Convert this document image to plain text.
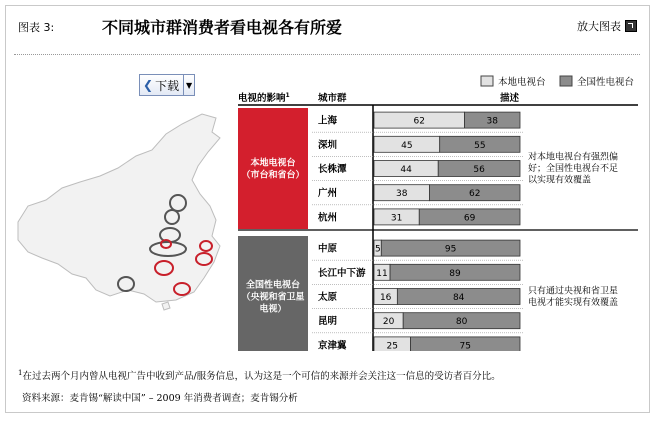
图表 3:	不同城市群消费者看电视各有所爱	放大图表
❮ 下载 ▼	本地电视台	全国性电视台
电视的影响$^1$	城市群	描述
本地电视台
（市台和省台）
对本地电视台有强烈偏
好；全国性电视台不足
以实现有效覆盖
全国性电视台
（央视和省卫星
电视）
只有通过央视和省卫星
电视才能实现有效覆盖
上海	62	38
深圳	45	55
长株潭	44	56
广州	38	62
杭州	31	69
中原	5	95
长江中下游 11	89
太原	16	84
昆明	20	80
京津冀	25	75
$^1$在过去两个月内曾从电视广告中收到产品/服务信息，认为这是一个可信的来源并会关注这一信息的受访者百分比。
资料来源：麦肯锡“解读中国” – 2009 年消费者调查；麦肯锡分析
